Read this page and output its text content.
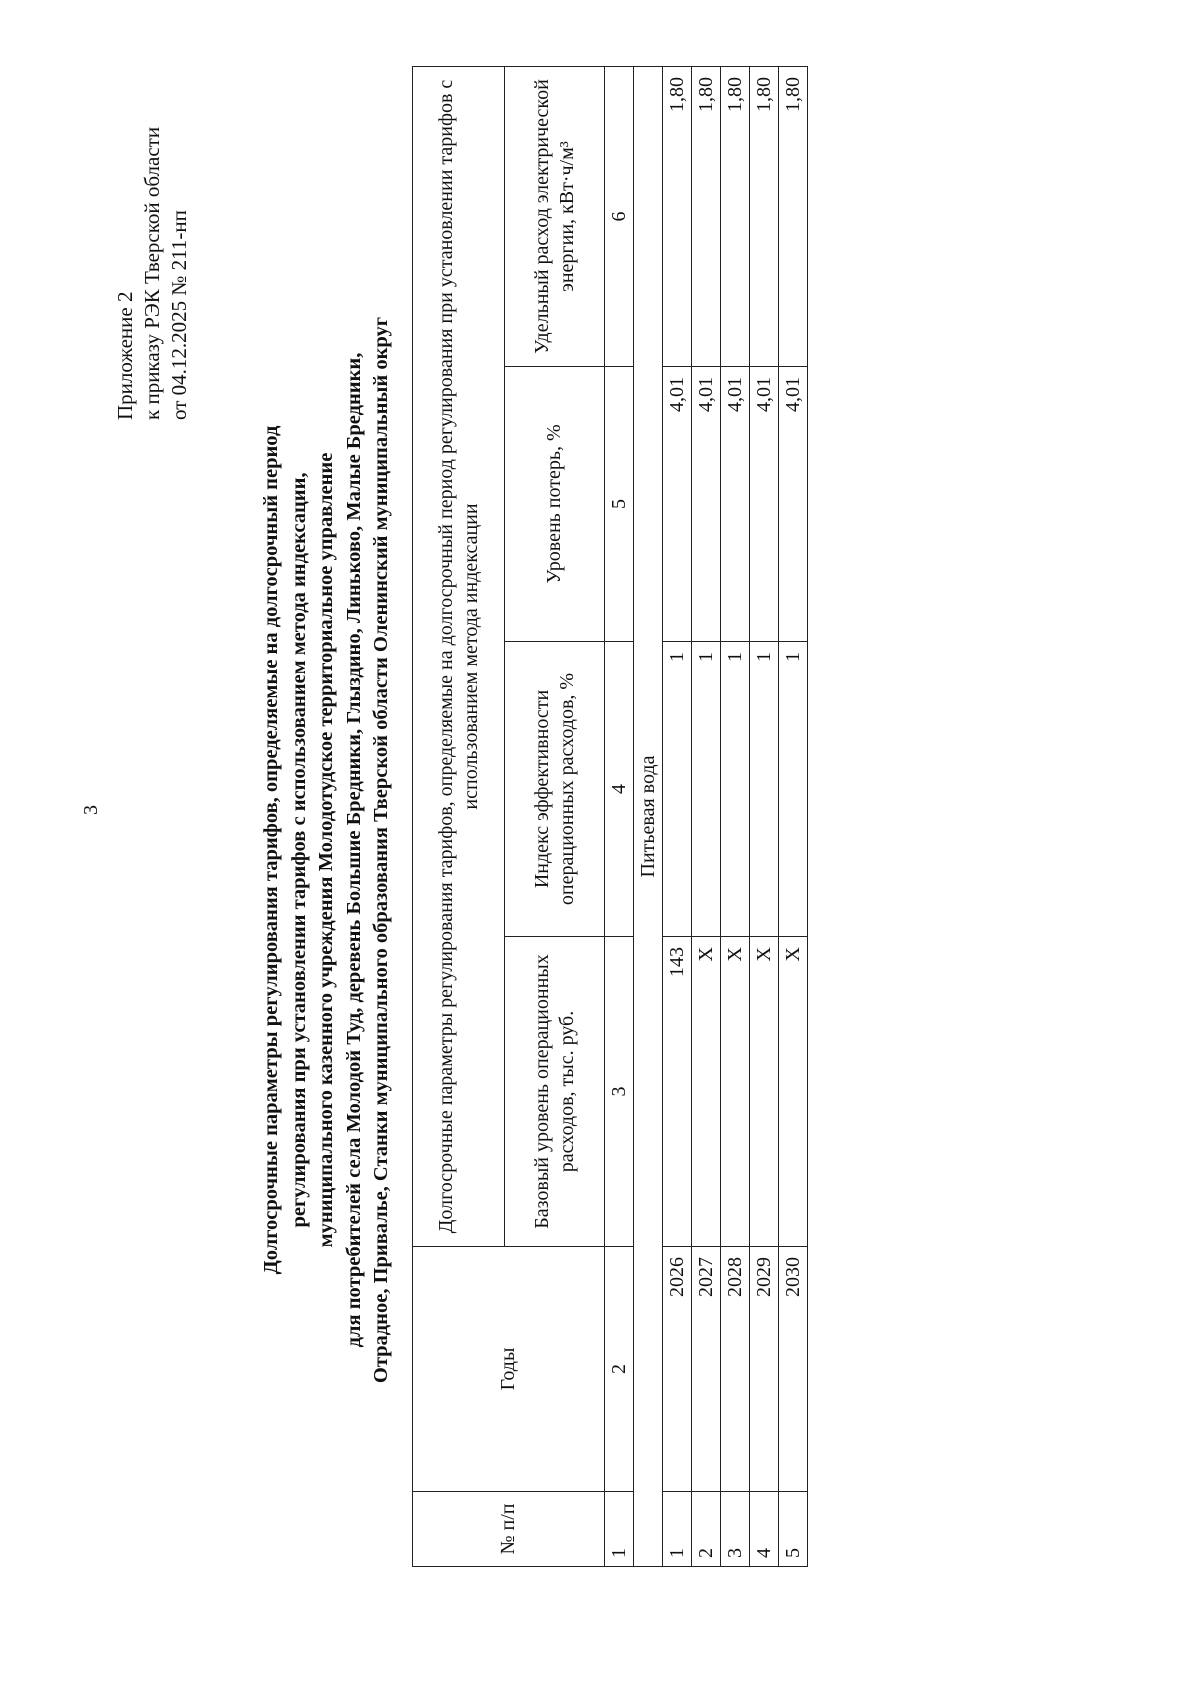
3
Приложение 2 к приказу РЭК Тверской области от 04.12.2025 № 211-нп
Долгосрочные параметры регулирования тарифов, определяемые на долгосрочный период регулирования при установлении тарифов с использованием метода индексации, муниципального казенного учреждения Молодотудское территориальное управление для потребителей села Молодой Туд, деревень Большие Бредники, Глыздино, Линьково, Малые Бредники, Отрадное, Привалье, Станки муниципального образования Тверской области Оленинский муниципальный округ
№ п/п	Годы	Долгосрочные параметры регулирования тарифов, определяемые на долгосрочный период регулирования при установлении тарифов с использованием метода индексации			
		Базовый уровень операционных расходов, тыс. руб.	Индекс эффективности операционных расходов, %	Уровень потерь, %	Удельный расход электрической энергии, кВт·ч/м³
1	2	3	4	5	6
Питьевая вода					
1	2026	143	1	4,01	1,80
2	2027	X	1	4,01	1,80
3	2028	X	1	4,01	1,80
4	2029	X	1	4,01	1,80
5	2030	X	1	4,01	1,80
